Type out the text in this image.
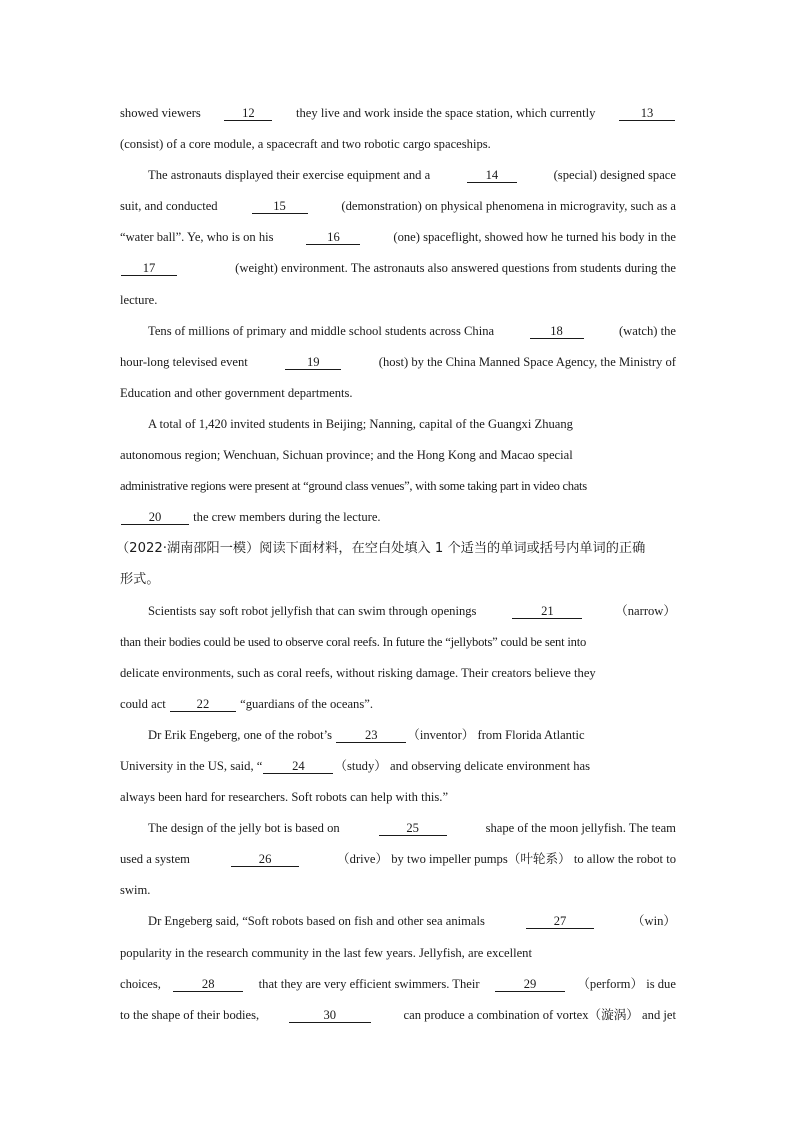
showed viewers	12	they live and work inside the space station, which currently	13
(consist) of a core module, a spacecraft and two robotic cargo spaceships.
The astronauts displayed their exercise equipment and a	14	(special) designed space
suit, and conducted	15	(demonstration) on physical phenomena in microgravity, such as a
“water ball”. Ye, who is on his	16	(one) spaceflight, showed how he turned his body in the
17	(weight) environment. The astronauts also answered questions from students during the
lecture.
Tens of millions of primary and middle school students across China	18	(watch) the
hour-long televised event	19	(host) by the China Manned Space Agency, the Ministry of
Education and other government departments.
A total of 1,420 invited students in Beijing; Nanning, capital of the Guangxi Zhuang
autonomous region; Wenchuan, Sichuan province; and the Hong Kong and Macao special
administrative regions were present at “ground class venues”, with some taking part in video chats
20	the crew members during the lecture.
（2022·湖南邵阳一模）阅读下面材料，在空白处填入 1 个适当的单词或括号内单词的正确
形式。
Scientists say soft robot jellyfish that can swim through openings	21	（narrow）
than their bodies could be used to observe coral reefs. In future the “jellybots” could be sent into
delicate environments, such as coral reefs, without risking damage. Their creators believe they
could act	22	“guardians of the oceans”.
Dr Erik Engeberg, one of the robot’s	23	（inventor） from Florida Atlantic
University in the US, said, “	24	（study） and observing delicate environment has
always been hard for researchers. Soft robots can help with this.”
The design of the jelly bot is based on	25	shape of the moon jellyfish. The team
used a system	26	（drive） by two impeller pumps（叶轮系） to allow the robot to
swim.
Dr Engeberg said, “Soft robots based on fish and other sea animals	27	（win）
popularity in the research community in the last few years. Jellyfish, are excellent
choices,	28	that they are very efficient swimmers. Their	29	（perform） is due
to the shape of their bodies,	30	can produce a combination of vortex（漩涡） and jet
